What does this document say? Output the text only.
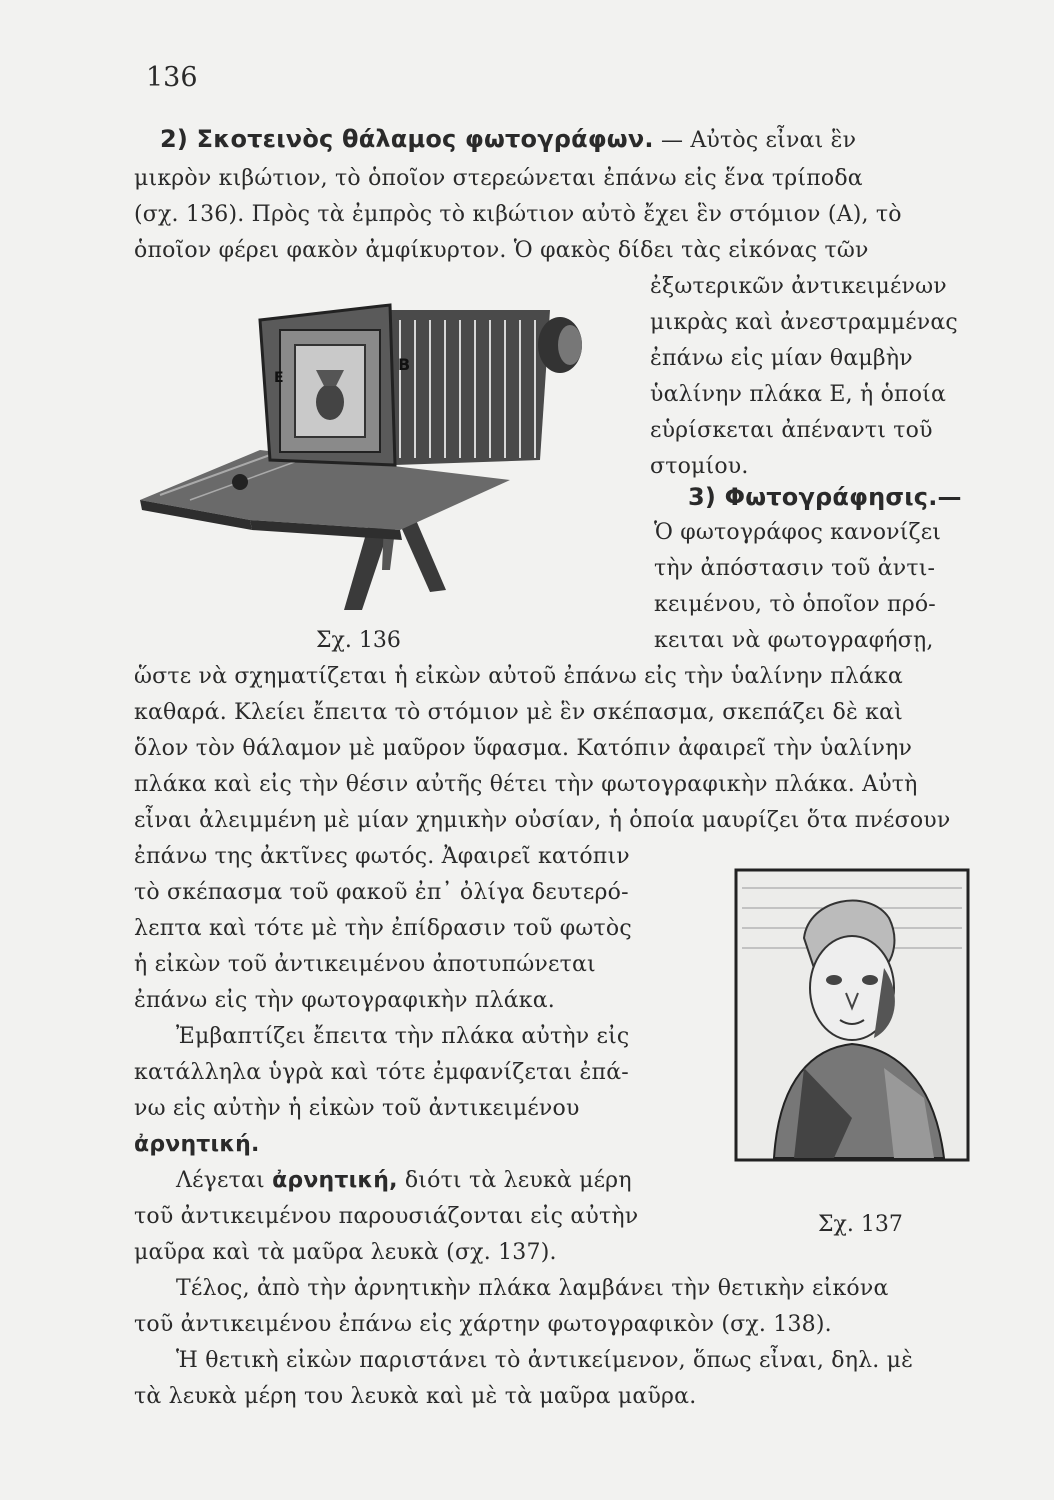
136
2) Σκοτεινὸς θάλαμος φωτογράφων. — Αὐτὸς εἶναι ἓν
μικρὸν κιβώτιον, τὸ ὁποῖον στερεώνεται ἐπάνω εἰς ἕνα τρίποδα
(σχ. 136). Πρὸς τὰ ἐμπρὸς τὸ κιβώτιον αὐτὸ ἔχει ἓν στόμιον (Α), τὸ
ὁποῖον φέρει φακὸν ἀμφίκυρτον. Ὁ φακὸς δίδει τὰς εἰκόνας τῶν
ἐξωτερικῶν ἀντικειμένων
μικρὰς καὶ ἀνεστραμμένας
ἐπάνω εἰς μίαν θαμβὴν
ὑαλίνην πλάκα Ε, ἡ ὁποία
εὑρίσκεται ἀπέναντι τοῦ
στομίου.
E
B
Σχ. 136
3) Φωτογράφησις.—
Ὁ φωτογράφος κανονίζει
τὴν ἀπόστασιν τοῦ ἀντι-
κειμένου, τὸ ὁποῖον πρό-
κειται νὰ φωτογραφήσῃ,
ὥστε νὰ σχηματίζεται ἡ εἰκὼν αὐτοῦ ἐπάνω εἰς τὴν ὑαλίνην πλάκα
καθαρά. Κλείει ἔπειτα τὸ στόμιον μὲ ἓν σκέπασμα, σκεπάζει δὲ καὶ
ὅλον τὸν θάλαμον μὲ μαῦρον ὕφασμα. Κατόπιν ἀφαιρεῖ τὴν ὑαλίνην
πλάκα καὶ εἰς τὴν θέσιν αὐτῆς θέτει τὴν φωτογραφικὴν πλάκα. Αὐτὴ
εἶναι ἀλειμμένη μὲ μίαν χημικὴν οὐσίαν, ἡ ὁποία μαυρίζει ὅτα πνέσουν
ἐπάνω της ἀκτῖνες φωτός. Ἀφαιρεῖ κατόπιν
τὸ σκέπασμα τοῦ φακοῦ ἐπ᾽ ὀλίγα δευτερό-
λεπτα καὶ τότε μὲ τὴν ἐπίδρασιν τοῦ φωτὸς
ἡ εἰκὼν τοῦ ἀντικειμένου ἀποτυπώνεται
ἐπάνω εἰς τὴν φωτογραφικὴν πλάκα.
Ἐμβαπτίζει ἔπειτα τὴν πλάκα αὐτὴν εἰς
κατάλληλα ὑγρὰ καὶ τότε ἐμφανίζεται ἐπά-
νω εἰς αὐτὴν ἡ εἰκὼν τοῦ ἀντικειμένου
ἀρνητική.
Λέγεται ἀρνητική, διότι τὰ λευκὰ μέρη
τοῦ ἀντικειμένου παρουσιάζονται εἰς αὐτὴν
μαῦρα καὶ τὰ μαῦρα λευκὰ (σχ. 137).
Σχ. 137
Τέλος, ἀπὸ τὴν ἀρνητικὴν πλάκα λαμβάνει τὴν θετικὴν εἰκόνα
τοῦ ἀντικειμένου ἐπάνω εἰς χάρτην φωτογραφικὸν (σχ. 138).
Ἡ θετικὴ εἰκὼν παριστάνει τὸ ἀντικείμενον, ὅπως εἶναι, δηλ. μὲ
τὰ λευκὰ μέρη του λευκὰ καὶ μὲ τὰ μαῦρα μαῦρα.
